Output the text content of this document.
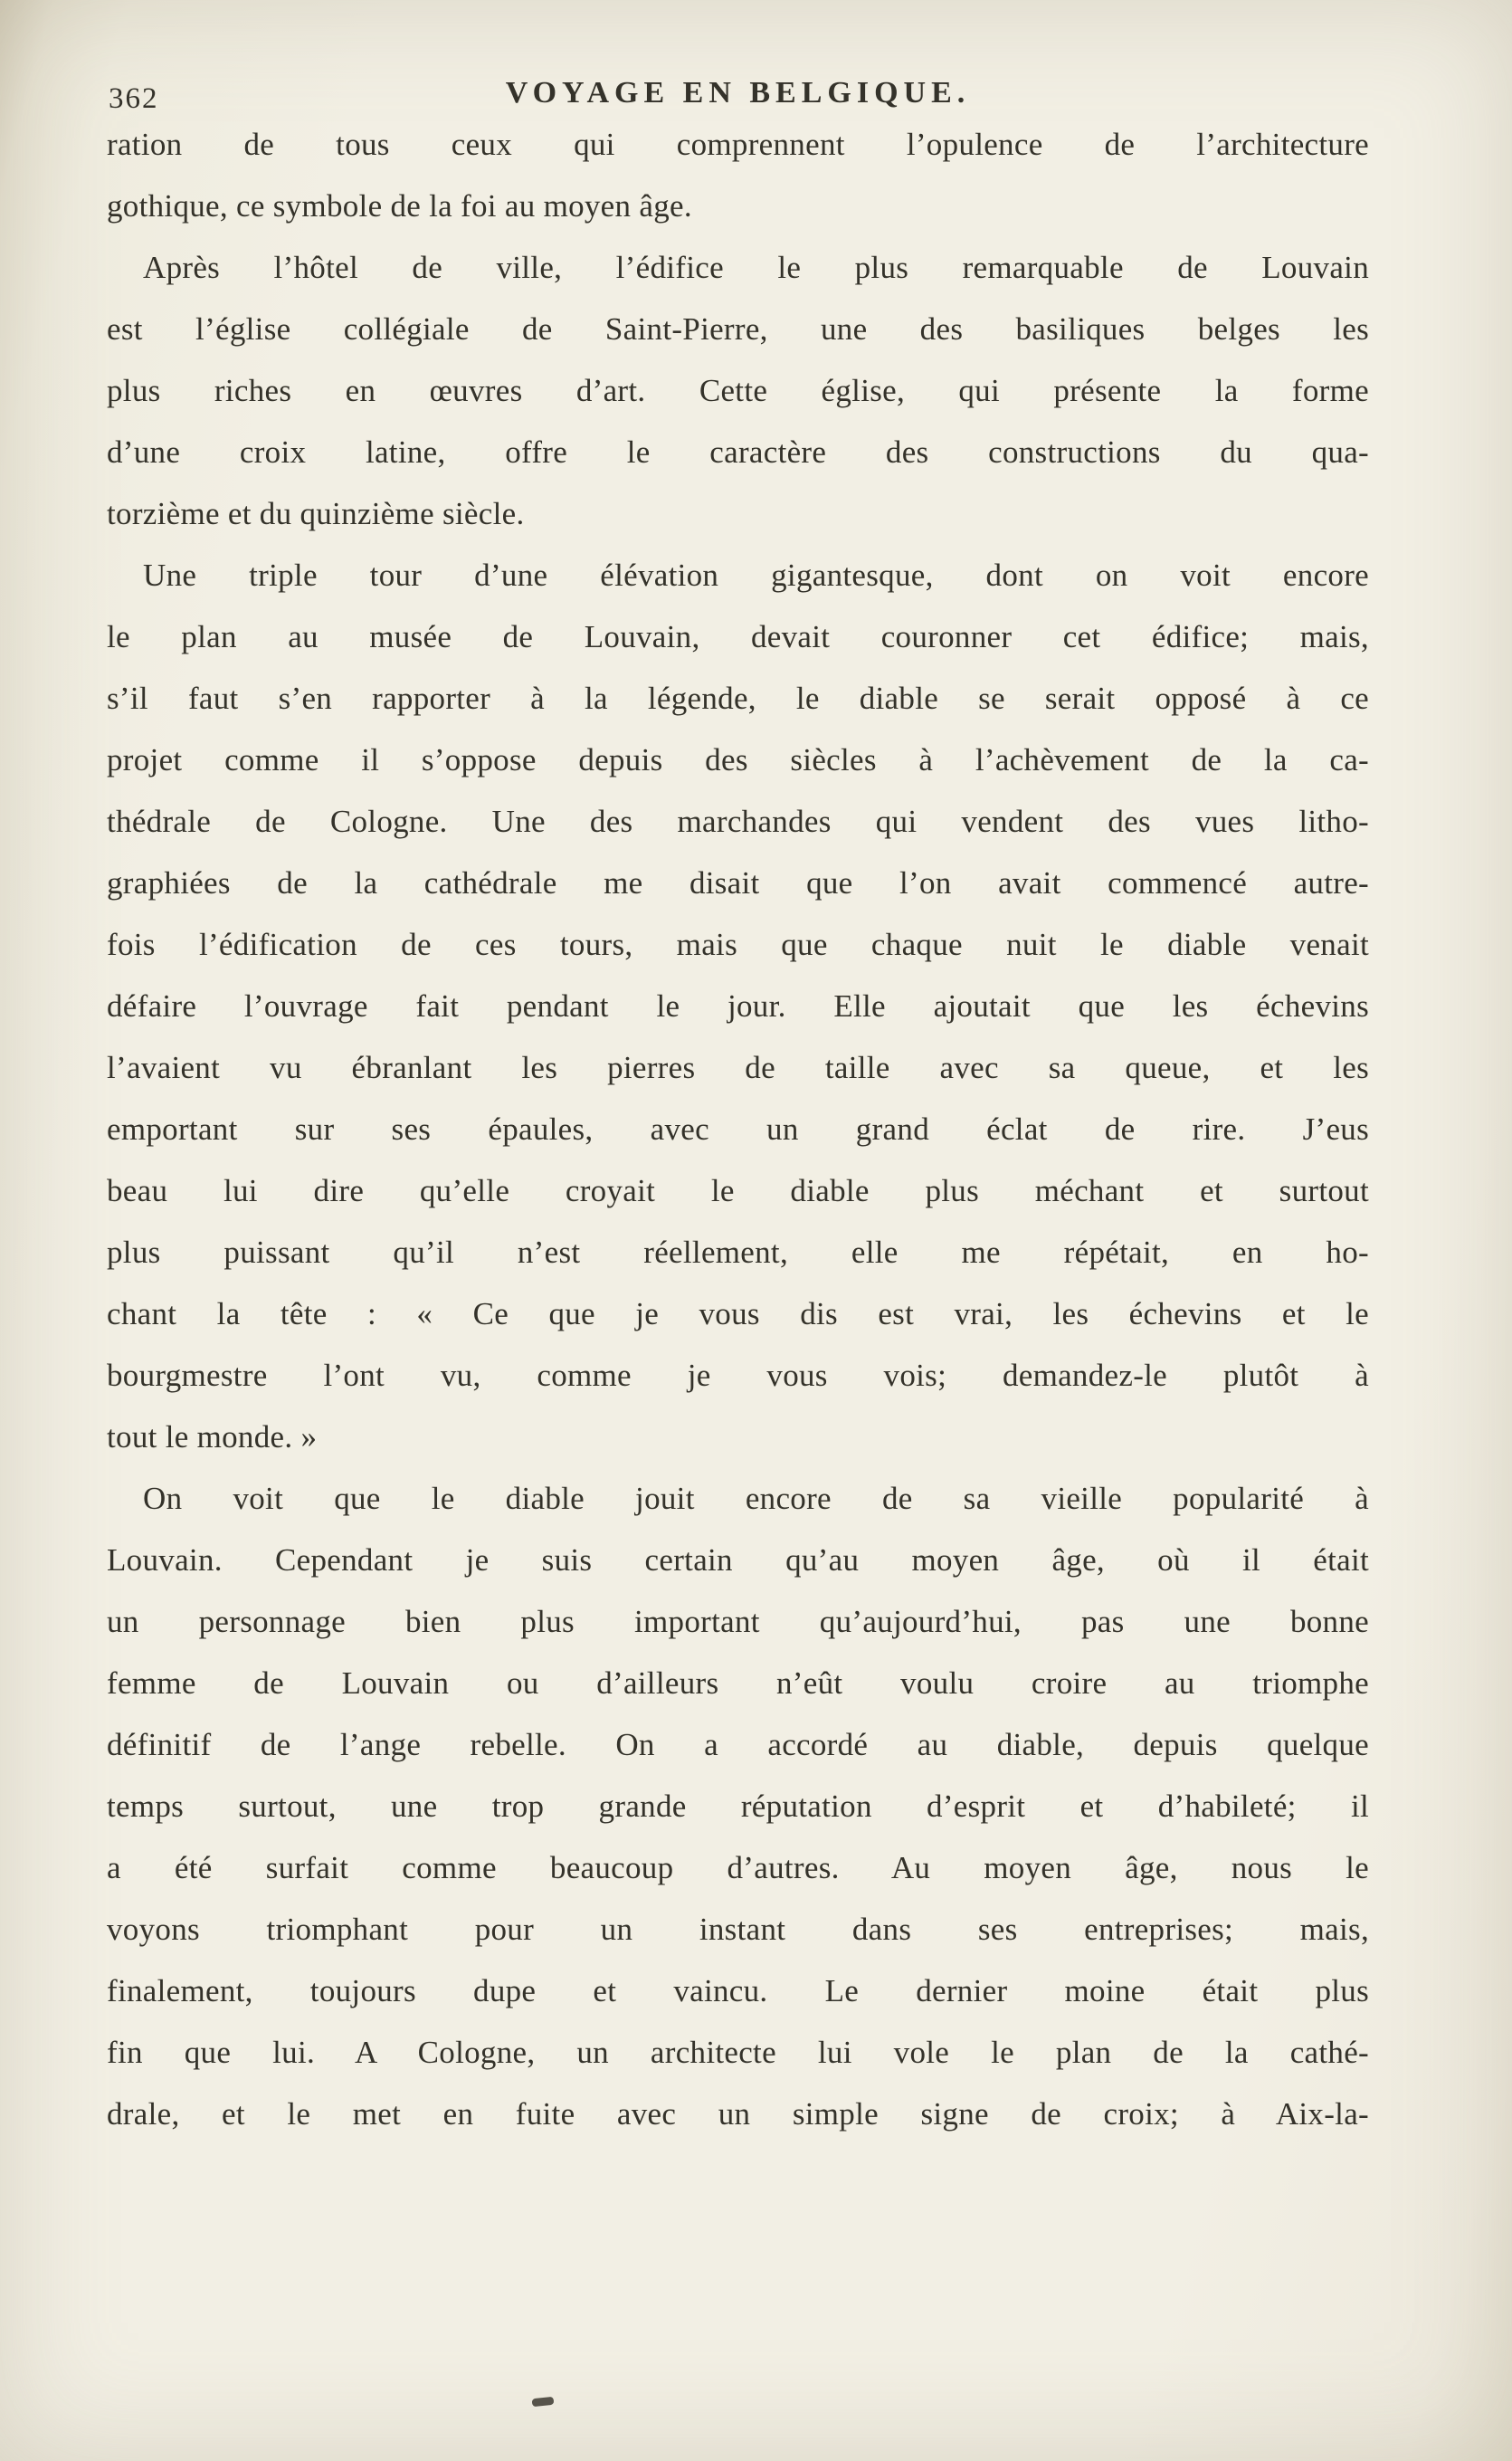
362	VOYAGE EN BELGIQUE.
ration de tous ceux qui comprennent l’opulence de l’architecture
gothique, ce symbole de la foi au moyen âge.
Après l’hôtel de ville, l’édifice le plus remarquable de Louvain
est l’église collégiale de Saint-Pierre, une des basiliques belges les
plus riches en œuvres d’art. Cette église, qui présente la forme
d’une croix latine, offre le caractère des constructions du qua-
torzième et du quinzième siècle.
Une triple tour d’une élévation gigantesque, dont on voit encore
le plan au musée de Louvain, devait couronner cet édifice; mais,
s’il faut s’en rapporter à la légende, le diable se serait opposé à ce
projet comme il s’oppose depuis des siècles à l’achèvement de la ca-
thédrale de Cologne. Une des marchandes qui vendent des vues litho-
graphiées de la cathédrale me disait que l’on avait commencé autre-
fois l’édification de ces tours, mais que chaque nuit le diable venait
défaire l’ouvrage fait pendant le jour. Elle ajoutait que les échevins
l’avaient vu ébranlant les pierres de taille avec sa queue, et les
emportant sur ses épaules, avec un grand éclat de rire. J’eus
beau lui dire qu’elle croyait le diable plus méchant et surtout
plus puissant qu’il n’est réellement, elle me répétait, en ho-
chant la tête : « Ce que je vous dis est vrai, les échevins et le
bourgmestre l’ont vu, comme je vous vois; demandez-le plutôt à
tout le monde. »
On voit que le diable jouit encore de sa vieille popularité à
Louvain. Cependant je suis certain qu’au moyen âge, où il était
un personnage bien plus important qu’aujourd’hui, pas une bonne
femme de Louvain ou d’ailleurs n’eût voulu croire au triomphe
définitif de l’ange rebelle. On a accordé au diable, depuis quelque
temps surtout, une trop grande réputation d’esprit et d’habileté; il
a été surfait comme beaucoup d’autres. Au moyen âge, nous le
voyons triomphant pour un instant dans ses entreprises; mais,
finalement, toujours dupe et vaincu. Le dernier moine était plus
fin que lui. A Cologne, un architecte lui vole le plan de la cathé-
drale, et le met en fuite avec un simple signe de croix; à Aix-la-
